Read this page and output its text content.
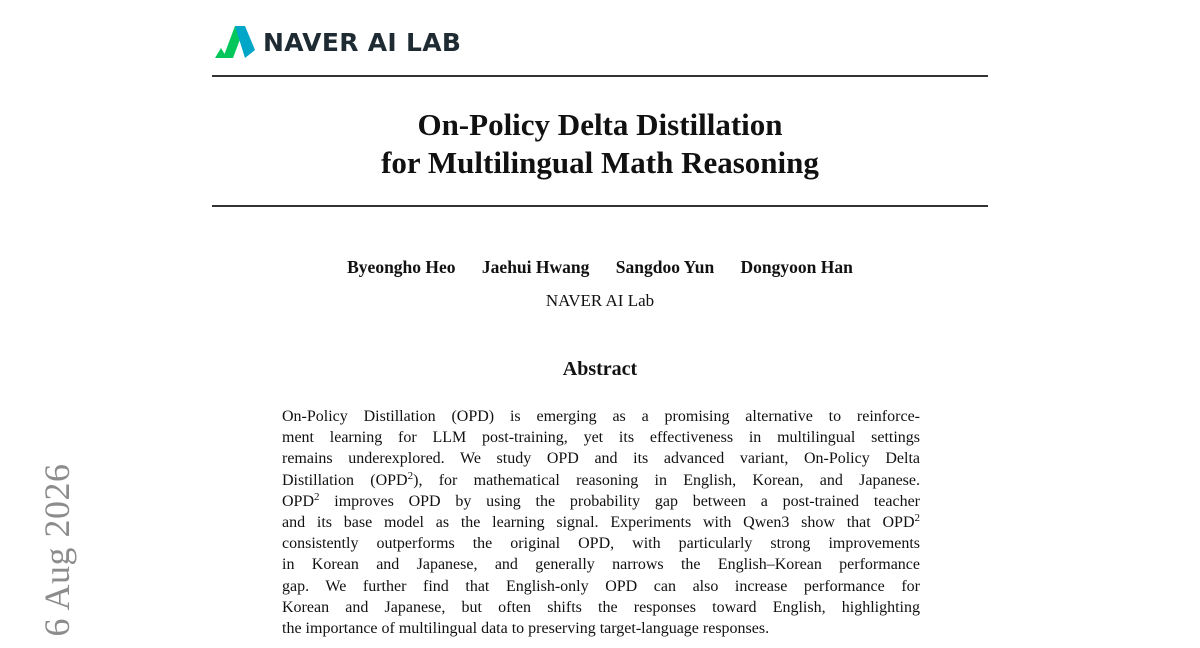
NAVER AI LAB
On-Policy Delta Distillation
for Multilingual Math Reasoning
Byeongho Heo Jaehui Hwang Sangdoo Yun Dongyoon Han
NAVER AI Lab
Abstract
On-Policy Distillation (OPD) is emerging as a promising alternative to reinforce-
ment learning for LLM post-training, yet its effectiveness in multilingual settings
remains underexplored. We study OPD and its advanced variant, On-Policy Delta
Distillation (OPD$^2$), for mathematical reasoning in English, Korean, and Japanese.
OPD$^2$ improves OPD by using the probability gap between a post-trained teacher
and its base model as the learning signal. Experiments with Qwen3 show that OPD$^2$
consistently outperforms the original OPD, with particularly strong improvements
in Korean and Japanese, and generally narrows the English–Korean performance
gap. We further find that English-only OPD can also increase performance for
Korean and Japanese, but often shifts the responses toward English, highlighting
the importance of multilingual data to preserving target-language responses.
6 Aug 2026
